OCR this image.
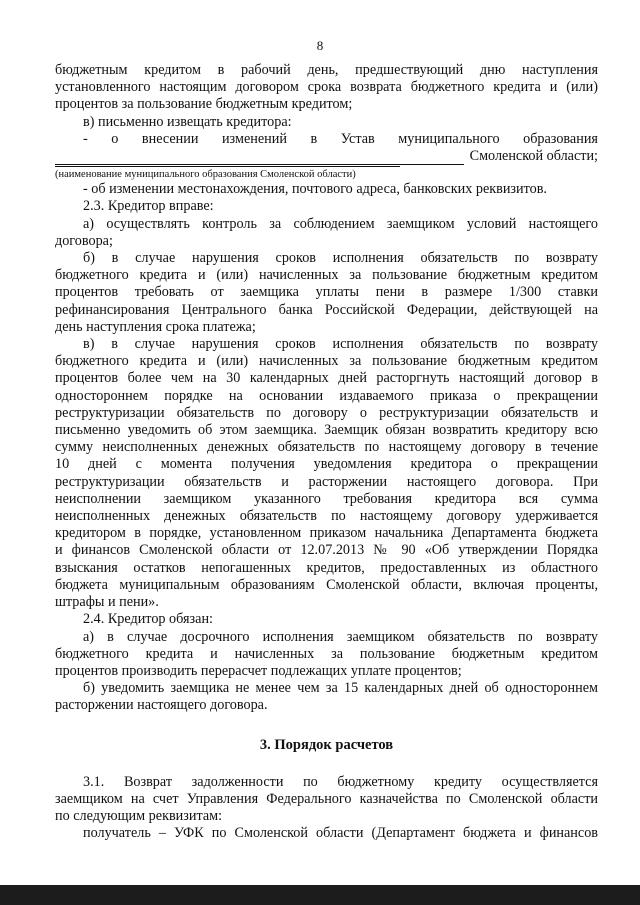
8
бюджетным кредитом в рабочий день, предшествующий дню наступления
установленного настоящим договором срока возврата бюджетного кредита и (или)
процентов за пользование бюджетным кредитом;
в) письменно извещать кредитора:
- о внесении изменений в Устав муниципального образования
Смоленской области;
(наименование муниципального образования Смоленской области)
- об изменении местонахождения, почтового адреса, банковских реквизитов.
2.3. Кредитор вправе:
а) осуществлять контроль за соблюдением заемщиком условий настоящего
договора;
б) в случае нарушения сроков исполнения обязательств по возврату
бюджетного кредита и (или) начисленных за пользование бюджетным кредитом
процентов требовать от заемщика уплаты пени в размере 1/300 ставки
рефинансирования Центрального банка Российской Федерации, действующей на
день наступления срока платежа;
в) в случае нарушения сроков исполнения обязательств по возврату
бюджетного кредита и (или) начисленных за пользование бюджетным кредитом
процентов более чем на 30 календарных дней расторгнуть настоящий договор в
одностороннем порядке на основании издаваемого приказа о прекращении
реструктуризации обязательств по договору о реструктуризации обязательств и
письменно уведомить об этом заемщика. Заемщик обязан возвратить кредитору всю
сумму неисполненных денежных обязательств по настоящему договору в течение
10 дней с момента получения уведомления кредитора о прекращении
реструктуризации обязательств и расторжении настоящего договора. При
неисполнении заемщиком указанного требования кредитора вся сумма
неисполненных денежных обязательств по настоящему договору удерживается
кредитором в порядке, установленном приказом начальника Департамента бюджета
и финансов Смоленской области от 12.07.2013 № 90 «Об утверждении Порядка
взыскания остатков непогашенных кредитов, предоставленных из областного
бюджета муниципальным образованиям Смоленской области, включая проценты,
штрафы и пени».
2.4. Кредитор обязан:
а) в случае досрочного исполнения заемщиком обязательств по возврату
бюджетного кредита и начисленных за пользование бюджетным кредитом
процентов производить перерасчет подлежащих уплате процентов;
б) уведомить заемщика не менее чем за 15 календарных дней об одностороннем
расторжении настоящего договора.
3. Порядок расчетов
3.1. Возврат задолженности по бюджетному кредиту осуществляется
заемщиком на счет Управления Федерального казначейства по Смоленской области
по следующим реквизитам:
получатель – УФК по Смоленской области (Департамент бюджета и финансов
